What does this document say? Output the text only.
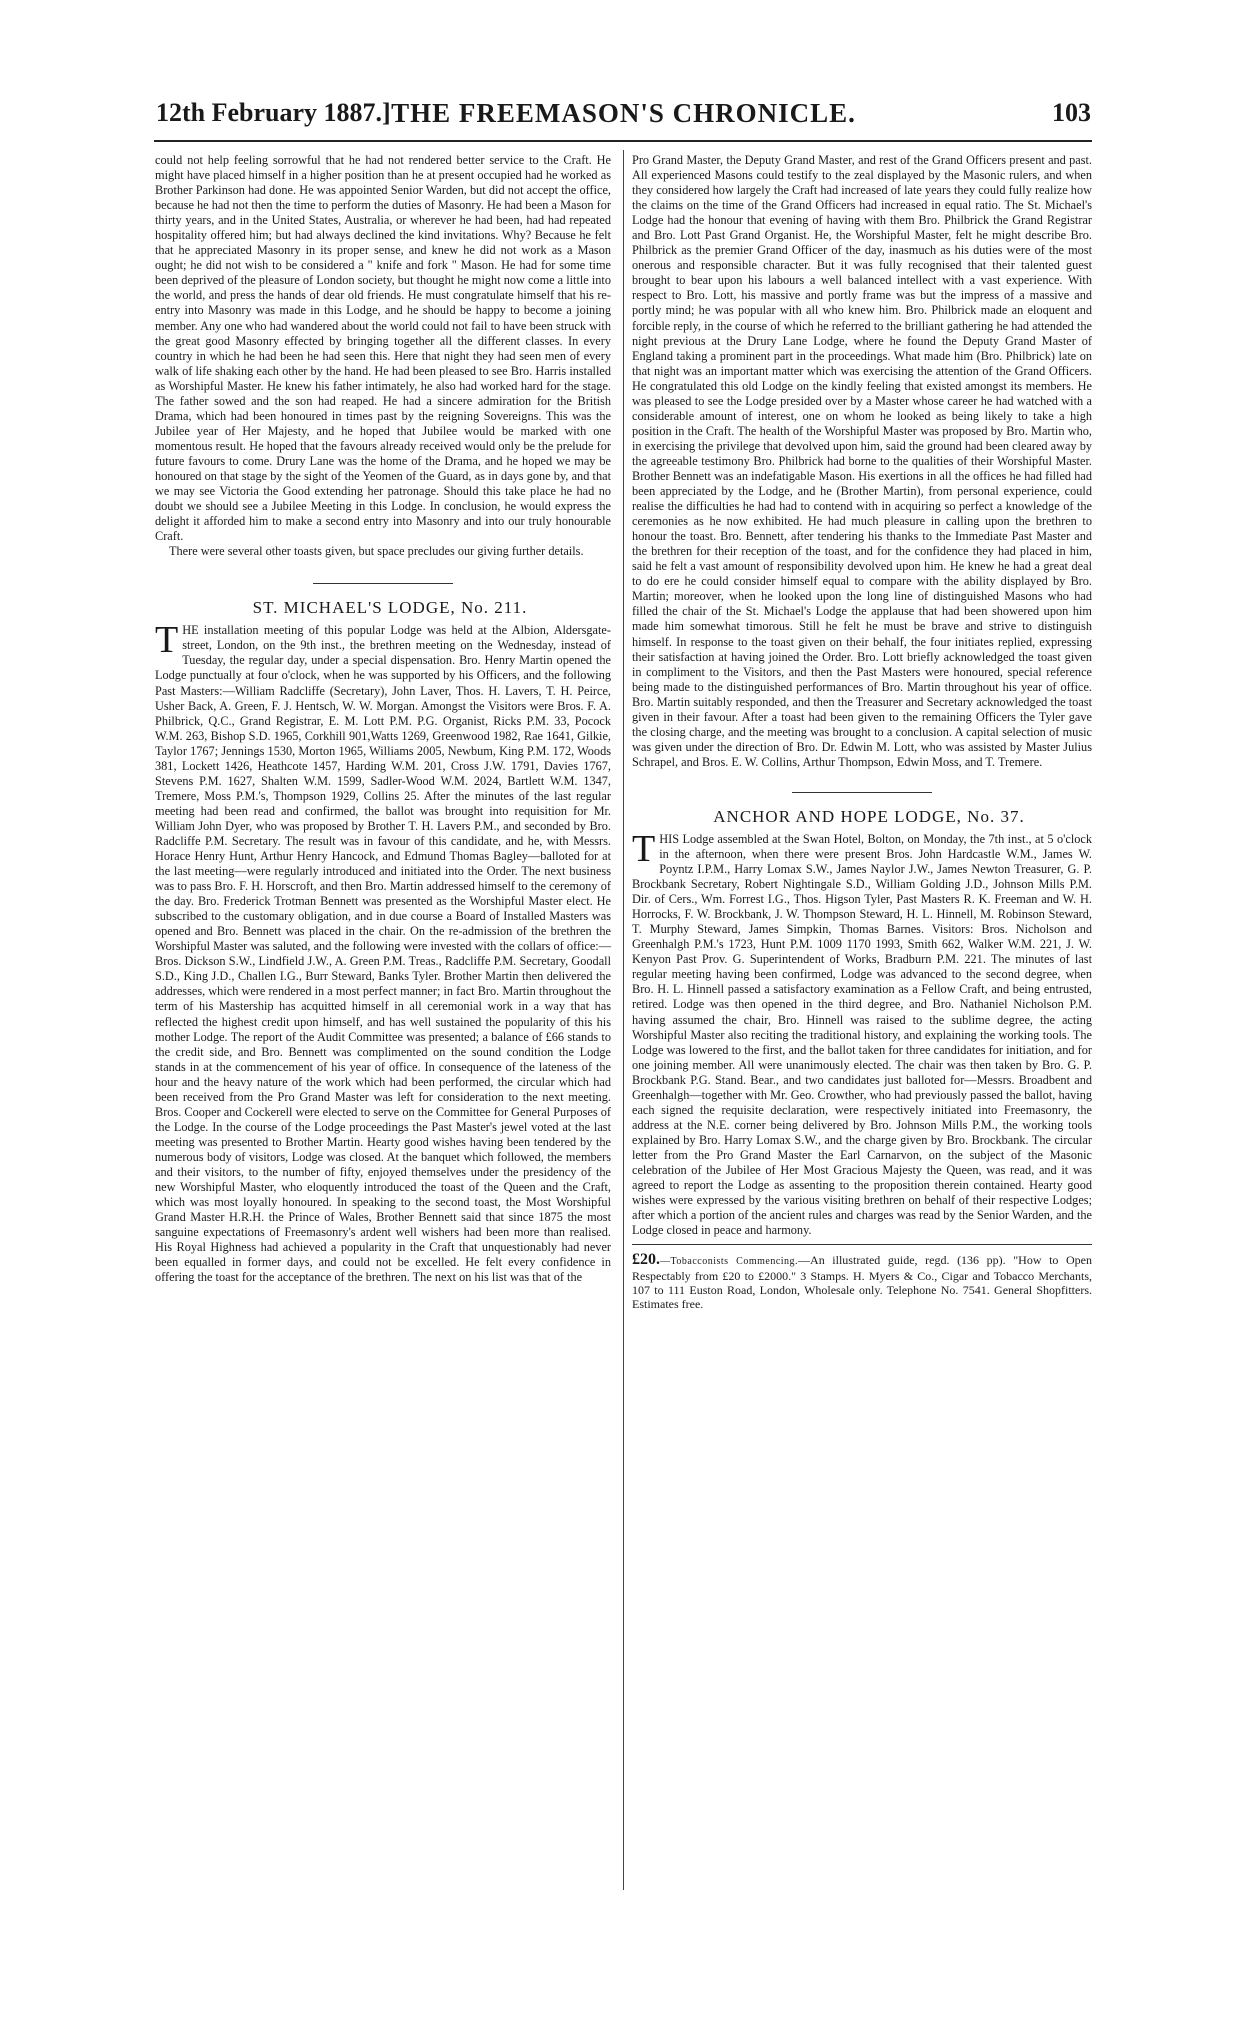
12th February 1887.] THE FREEMASON'S CHRONICLE.	103

could not help feeling sorrowful that he had not rendered better service to the Craft. He might have placed himself in a higher position than he at present occupied had he worked as Brother Parkinson had done. He was appointed Senior Warden, but did not accept the office, because he had not then the time to perform the duties of Masonry. He had been a Mason for thirty years, and in the United States, Australia, or wherever he had been, had had repeated hospitality offered him; but had always declined the kind invitations. Why? Because he felt that he appreciated Masonry in its proper sense, and knew he did not work as a Mason ought; he did not wish to be considered a " knife and fork " Mason. He had for some time been deprived of the pleasure of London society, but thought he might now come a little into the world, and press the hands of dear old friends. He must congratulate himself that his re-entry into Masonry was made in this Lodge, and he should be happy to become a joining member. Any one who had wandered about the world could not fail to have been struck with the great good Masonry effected by bringing together all the different classes. In every country in which he had been he had seen this. Here that night they had seen men of every walk of life shaking each other by the hand. He had been pleased to see Bro. Harris installed as Worshipful Master. He knew his father intimately, he also had worked hard for the stage. The father sowed and the son had reaped. He had a sincere admiration for the British Drama, which had been honoured in times past by the reigning Sovereigns. This was the Jubilee year of Her Majesty, and he hoped that Jubilee would be marked with one momentous result. He hoped that the favours already received would only be the prelude for future favours to come. Drury Lane was the home of the Drama, and he hoped we may be honoured on that stage by the sight of the Yeomen of the Guard, as in days gone by, and that we may see Victoria the Good extending her patronage. Should this take place he had no doubt we should see a Jubilee Meeting in this Lodge. In conclusion, he would express the delight it afforded him to make a second entry into Masonry and into our truly honourable Craft.

There were several other toasts given, but space precludes our giving further details.

ST. MICHAEL'S LODGE, No. 211.

THE installation meeting of this popular Lodge was held at the Albion, Aldersgate-street, London, on the 9th inst., the brethren meeting on the Wednesday, instead of Tuesday, the regular day, under a special dispensation. Bro. Henry Martin opened the Lodge punctually at four o'clock, when he was supported by his Officers, and the following Past Masters:—William Radcliffe (Secretary), John Laver, Thos. H. Lavers, T. H. Peirce, Usher Back, A. Green, F. J. Hentsch, W. W. Morgan. Amongst the Visitors were Bros. F. A. Philbrick, Q.C., Grand Registrar, E. M. Lott P.M. P.G. Organist, Ricks P.M. 33, Pocock W.M. 263, Bishop S.D. 1965, Corkhill 901,Watts 1269, Greenwood 1982, Rae 1641, Gilkie, Taylor 1767; Jennings 1530, Morton 1965, Williams 2005, Newbum, King P.M. 172, Woods 381, Lockett 1426, Heathcote 1457, Harding W.M. 201, Cross J.W. 1791, Davies 1767, Stevens P.M. 1627, Shalten W.M. 1599, Sadler-Wood W.M. 2024, Bartlett W.M. 1347, Tremere, Moss P.M.'s, Thompson 1929, Collins 25. After the minutes of the last regular meeting had been read and confirmed, the ballot was brought into requisition for Mr. William John Dyer, who was proposed by Brother T. H. Lavers P.M., and seconded by Bro. Radcliffe P.M. Secretary. The result was in favour of this candidate, and he, with Messrs. Horace Henry Hunt, Arthur Henry Hancock, and Edmund Thomas Bagley—balloted for at the last meeting—were regularly introduced and initiated into the Order. The next business was to pass Bro. F. H. Horscroft, and then Bro. Martin addressed himself to the ceremony of the day. Bro. Frederick Trotman Bennett was presented as the Worshipful Master elect. He subscribed to the customary obligation, and in due course a Board of Installed Masters was opened and Bro. Bennett was placed in the chair. On the re-admission of the brethren the Worshipful Master was saluted, and the following were invested with the collars of office:— Bros. Dickson S.W., Lindfield J.W., A. Green P.M. Treas., Radcliffe P.M. Secretary, Goodall S.D., King J.D., Challen I.G., Burr Steward, Banks Tyler. Brother Martin then delivered the addresses, which were rendered in a most perfect manner; in fact Bro. Martin throughout the term of his Mastership has acquitted himself in all ceremonial work in a way that has reflected the highest credit upon himself, and has well sustained the popularity of this his mother Lodge. The report of the Audit Committee was presented; a balance of £66 stands to the credit side, and Bro. Bennett was complimented on the sound condition the Lodge stands in at the commencement of his year of office. In consequence of the lateness of the hour and the heavy nature of the work which had been performed, the circular which had been received from the Pro Grand Master was left for consideration to the next meeting. Bros. Cooper and Cockerell were elected to serve on the Committee for General Purposes of the Lodge. In the course of the Lodge proceedings the Past Master's jewel voted at the last meeting was presented to Brother Martin. Hearty good wishes having been tendered by the numerous body of visitors, Lodge was closed. At the banquet which followed, the members and their visitors, to the number of fifty, enjoyed themselves under the presidency of the new Worshipful Master, who eloquently introduced the toast of the Queen and the Craft, which was most loyally honoured. In speaking to the second toast, the Most Worshipful Grand Master H.R.H. the Prince of Wales, Brother Bennett said that since 1875 the most sanguine expectations of Freemasonry's ardent well wishers had been more than realised. His Royal Highness had achieved a popularity in the Craft that unquestionably had never been equalled in former days, and could not be excelled. He felt every confidence in offering the toast for the acceptance of the brethren. The next on his list was that of the

Pro Grand Master, the Deputy Grand Master, and rest of the Grand Officers present and past. All experienced Masons could testify to the zeal displayed by the Masonic rulers, and when they considered how largely the Craft had increased of late years they could fully realize how the claims on the time of the Grand Officers had increased in equal ratio. The St. Michael's Lodge had the honour that evening of having with them Bro. Philbrick the Grand Registrar and Bro. Lott Past Grand Organist. He, the Worshipful Master, felt he might describe Bro. Philbrick as the premier Grand Officer of the day, inasmuch as his duties were of the most onerous and responsible character. But it was fully recognised that their talented guest brought to bear upon his labours a well balanced intellect with a vast experience. With respect to Bro. Lott, his massive and portly frame was but the impress of a massive and portly mind; he was popular with all who knew him. Bro. Philbrick made an eloquent and forcible reply, in the course of which he referred to the brilliant gathering he had attended the night previous at the Drury Lane Lodge, where he found the Deputy Grand Master of England taking a prominent part in the proceedings. What made him (Bro. Philbrick) late on that night was an important matter which was exercising the attention of the Grand Officers. He congratulated this old Lodge on the kindly feeling that existed amongst its members. He was pleased to see the Lodge presided over by a Master whose career he had watched with a considerable amount of interest, one on whom he looked as being likely to take a high position in the Craft. The health of the Worshipful Master was proposed by Bro. Martin who, in exercising the privilege that devolved upon him, said the ground had been cleared away by the agreeable testimony Bro. Philbrick had borne to the qualities of their Worshipful Master. Brother Bennett was an indefatigable Mason. His exertions in all the offices he had filled had been appreciated by the Lodge, and he (Brother Martin), from personal experience, could realise the difficulties he had had to contend with in acquiring so perfect a knowledge of the ceremonies as he now exhibited. He had much pleasure in calling upon the brethren to honour the toast. Bro. Bennett, after tendering his thanks to the Immediate Past Master and the brethren for their reception of the toast, and for the confidence they had placed in him, said he felt a vast amount of responsibility devolved upon him. He knew he had a great deal to do ere he could consider himself equal to compare with the ability displayed by Bro. Martin; moreover, when he looked upon the long line of distinguished Masons who had filled the chair of the St. Michael's Lodge the applause that had been showered upon him made him somewhat timorous. Still he felt he must be brave and strive to distinguish himself. In response to the toast given on their behalf, the four initiates replied, expressing their satisfaction at having joined the Order. Bro. Lott briefly acknowledged the toast given in compliment to the Visitors, and then the Past Masters were honoured, special reference being made to the distinguished performances of Bro. Martin throughout his year of office. Bro. Martin suitably responded, and then the Treasurer and Secretary acknowledged the toast given in their favour. After a toast had been given to the remaining Officers the Tyler gave the closing charge, and the meeting was brought to a conclusion. A capital selection of music was given under the direction of Bro. Dr. Edwin M. Lott, who was assisted by Master Julius Schrapel, and Bros. E. W. Collins, Arthur Thompson, Edwin Moss, and T. Tremere.

ANCHOR AND HOPE LODGE, No. 37.

THIS Lodge assembled at the Swan Hotel, Bolton, on Monday, the 7th inst., at 5 o'clock in the afternoon, when there were present Bros. John Hardcastle W.M., James W. Poyntz I.P.M., Harry Lomax S.W., James Naylor J.W., James Newton Treasurer, G. P. Brockbank Secretary, Robert Nightingale S.D., William Golding J.D., Johnson Mills P.M. Dir. of Cers., Wm. Forrest I.G., Thos. Higson Tyler, Past Masters R. K. Freeman and W. H. Horrocks, F. W. Brockbank, J. W. Thompson Steward, H. L. Hinnell, M. Robinson Steward, T. Murphy Steward, James Simpkin, Thomas Barnes. Visitors: Bros. Nicholson and Greenhalgh P.M.'s 1723, Hunt P.M. 1009 1170 1993, Smith 662, Walker W.M. 221, J. W. Kenyon Past Prov. G. Superintendent of Works, Bradburn P.M. 221. The minutes of last regular meeting having been confirmed, Lodge was advanced to the second degree, when Bro. H. L. Hinnell passed a satisfactory examination as a Fellow Craft, and being entrusted, retired. Lodge was then opened in the third degree, and Bro. Nathaniel Nicholson P.M. having assumed the chair, Bro. Hinnell was raised to the sublime degree, the acting Worshipful Master also reciting the traditional history, and explaining the working tools. The Lodge was lowered to the first, and the ballot taken for three candidates for initiation, and for one joining member. All were unanimously elected. The chair was then taken by Bro. G. P. Brockbank P.G. Stand. Bear., and two candidates just balloted for—Messrs. Broadbent and Greenhalgh—together with Mr. Geo. Crowther, who had previously passed the ballot, having each signed the requisite declaration, were respectively initiated into Freemasonry, the address at the N.E. corner being delivered by Bro. Johnson Mills P.M., the working tools explained by Bro. Harry Lomax S.W., and the charge given by Bro. Brockbank. The circular letter from the Pro Grand Master the Earl Carnarvon, on the subject of the Masonic celebration of the Jubilee of Her Most Gracious Majesty the Queen, was read, and it was agreed to report the Lodge as assenting to the proposition therein contained. Hearty good wishes were expressed by the various visiting brethren on behalf of their respective Lodges; after which a portion of the ancient rules and charges was read by the Senior Warden, and the Lodge closed in peace and harmony.

£20.—Tobacconists Commencing.—An illustrated guide, regd. (136 pp). "How to Open Respectably from £20 to £2000." 3 Stamps. H. Myers & Co., Cigar and Tobacco Merchants, 107 to 111 Euston Road, London, Wholesale only. Telephone No. 7541. General Shopfitters. Estimates free.
